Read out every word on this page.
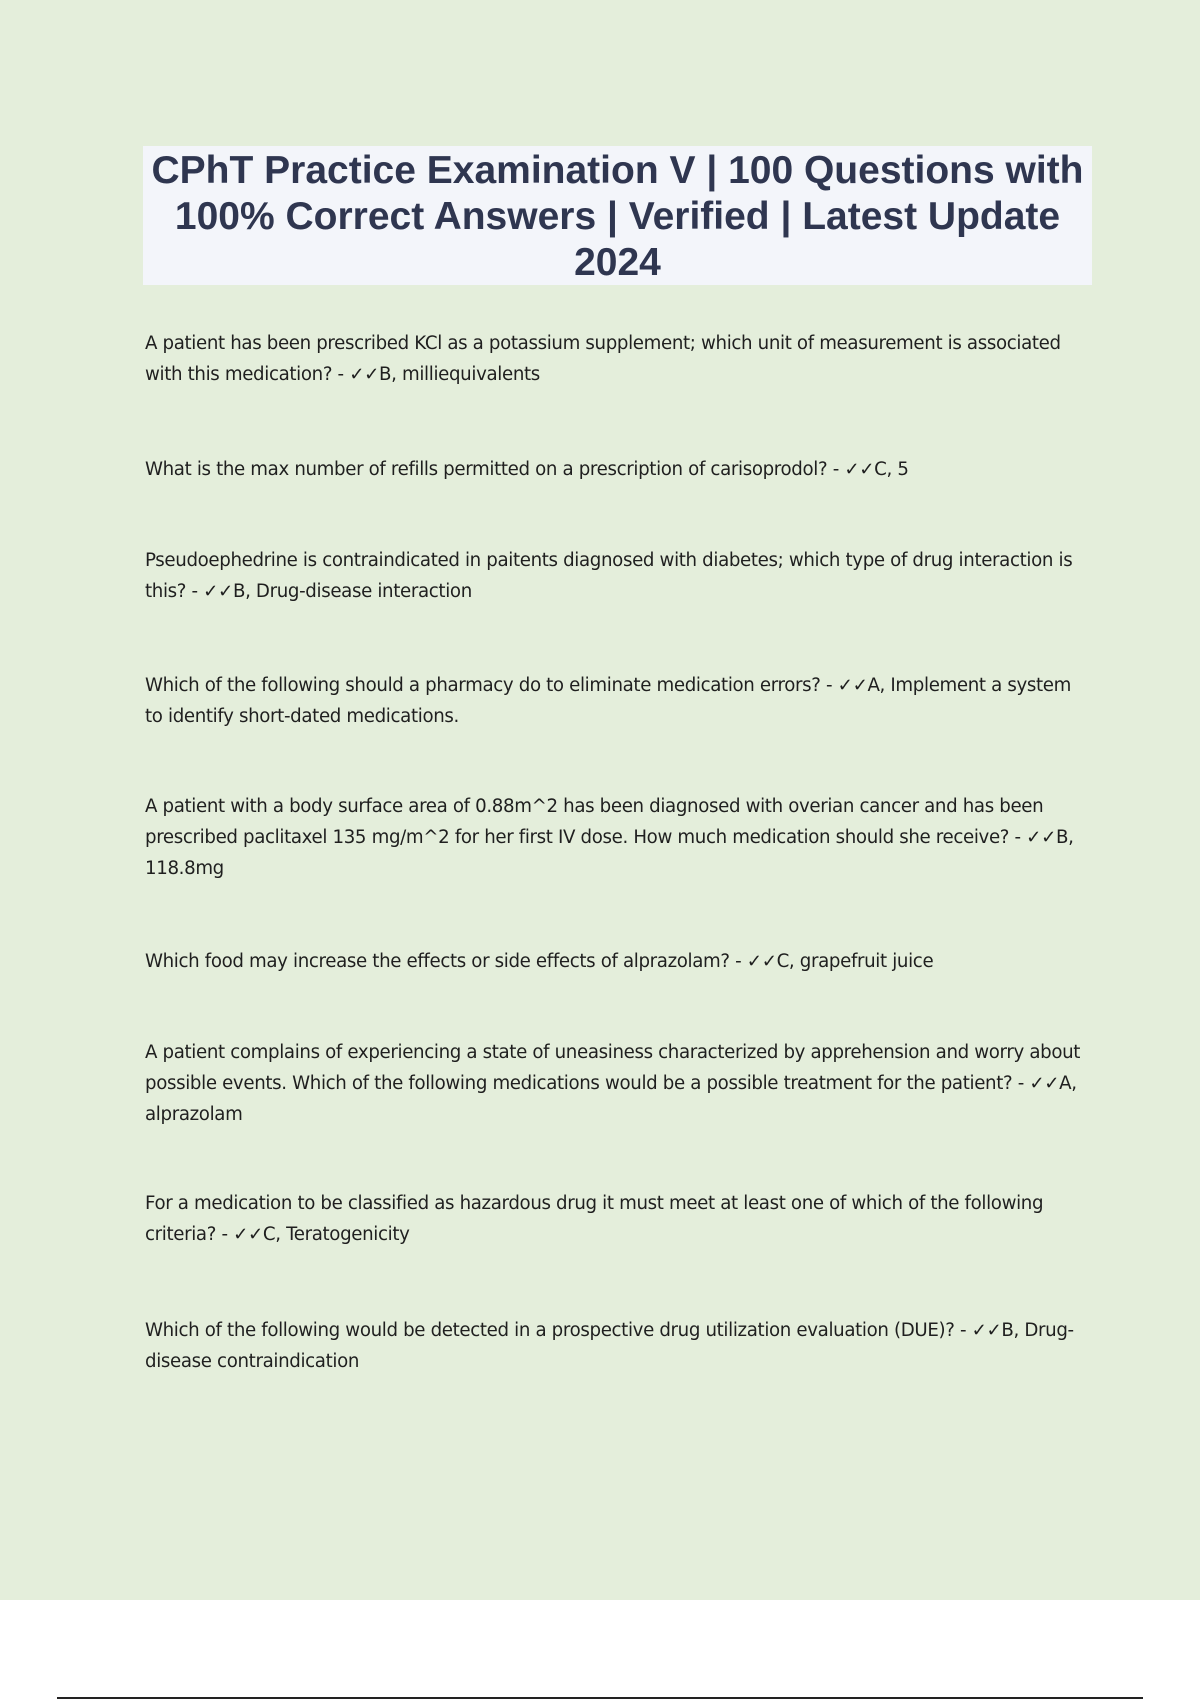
CPhT Practice Examination V | 100 Questions with 100% Correct Answers | Verified | Latest Update 2024

A patient has been prescribed KCl as a potassium supplement; which unit of measurement is associated with this medication? - ✓✓B, milliequivalents

What is the max number of refills permitted on a prescription of carisoprodol? - ✓✓C, 5

Pseudoephedrine is contraindicated in paitents diagnosed with diabetes; which type of drug interaction is this? - ✓✓B, Drug-disease interaction

Which of the following should a pharmacy do to eliminate medication errors? - ✓✓A, Implement a system to identify short-dated medications.

A patient with a body surface area of 0.88m^2 has been diagnosed with overian cancer and has been prescribed paclitaxel 135 mg/m^2 for her first IV dose. How much medication should she receive? - ✓✓B, 118.8mg

Which food may increase the effects or side effects of alprazolam? - ✓✓C, grapefruit juice

A patient complains of experiencing a state of uneasiness characterized by apprehension and worry about possible events. Which of the following medications would be a possible treatment for the patient? - ✓✓A, alprazolam

For a medication to be classified as hazardous drug it must meet at least one of which of the following criteria? - ✓✓C, Teratogenicity

Which of the following would be detected in a prospective drug utilization evaluation (DUE)? - ✓✓B, Drug-disease contraindication
